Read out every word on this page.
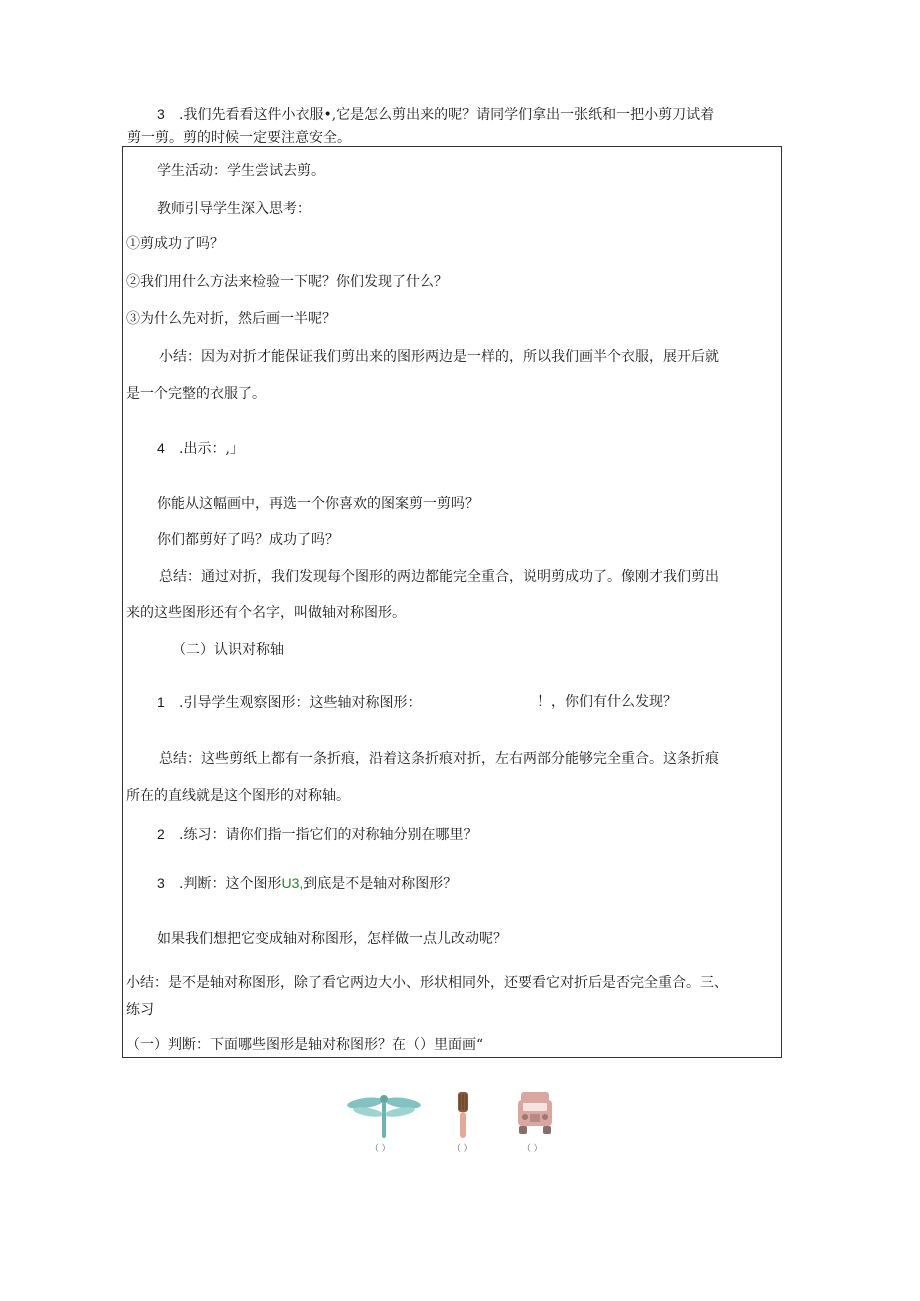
3 .我们先看看这件小衣服•,它是怎么剪出来的呢？请同学们拿出一张纸和一把小剪刀试着
剪一剪。剪的时候一定要注意安全。
学生活动：学生尝试去剪。
教师引导学生深入思考：
①剪成功了吗？
②我们用什么方法来检验一下呢？你们发现了什么？
③为什么先对折，然后画一半呢？
小结：因为对折才能保证我们剪出来的图形两边是一样的，所以我们画半个衣服，展开后就
是一个完整的衣服了。
4 .出示：,」
你能从这幅画中，再选一个你喜欢的图案剪一剪吗？
你们都剪好了吗？成功了吗？
总结：通过对折，我们发现每个图形的两边都能完全重合，说明剪成功了。像刚才我们剪出
来的这些图形还有个名字，叫做轴对称图形。
（二）认识对称轴
1 .引导学生观察图形：这些轴对称图形：	！，你们有什么发现？
总结：这些剪纸上都有一条折痕，沿着这条折痕对折，左右两部分能够完全重合。这条折痕
所在的直线就是这个图形的对称轴。
2 .练习：请你们指一指它们的对称轴分别在哪里？
3 .判断：这个图形U3,到底是不是轴对称图形？
如果我们想把它变成轴对称图形，怎样做一点儿改动呢？
小结：是不是轴对称图形，除了看它两边大小、形状相同外，还要看它对折后是否完全重合。三、
练习
（一）判断：下面哪些图形是轴对称图形？在（）里面画“
（ ）	（ ）	（ ）
